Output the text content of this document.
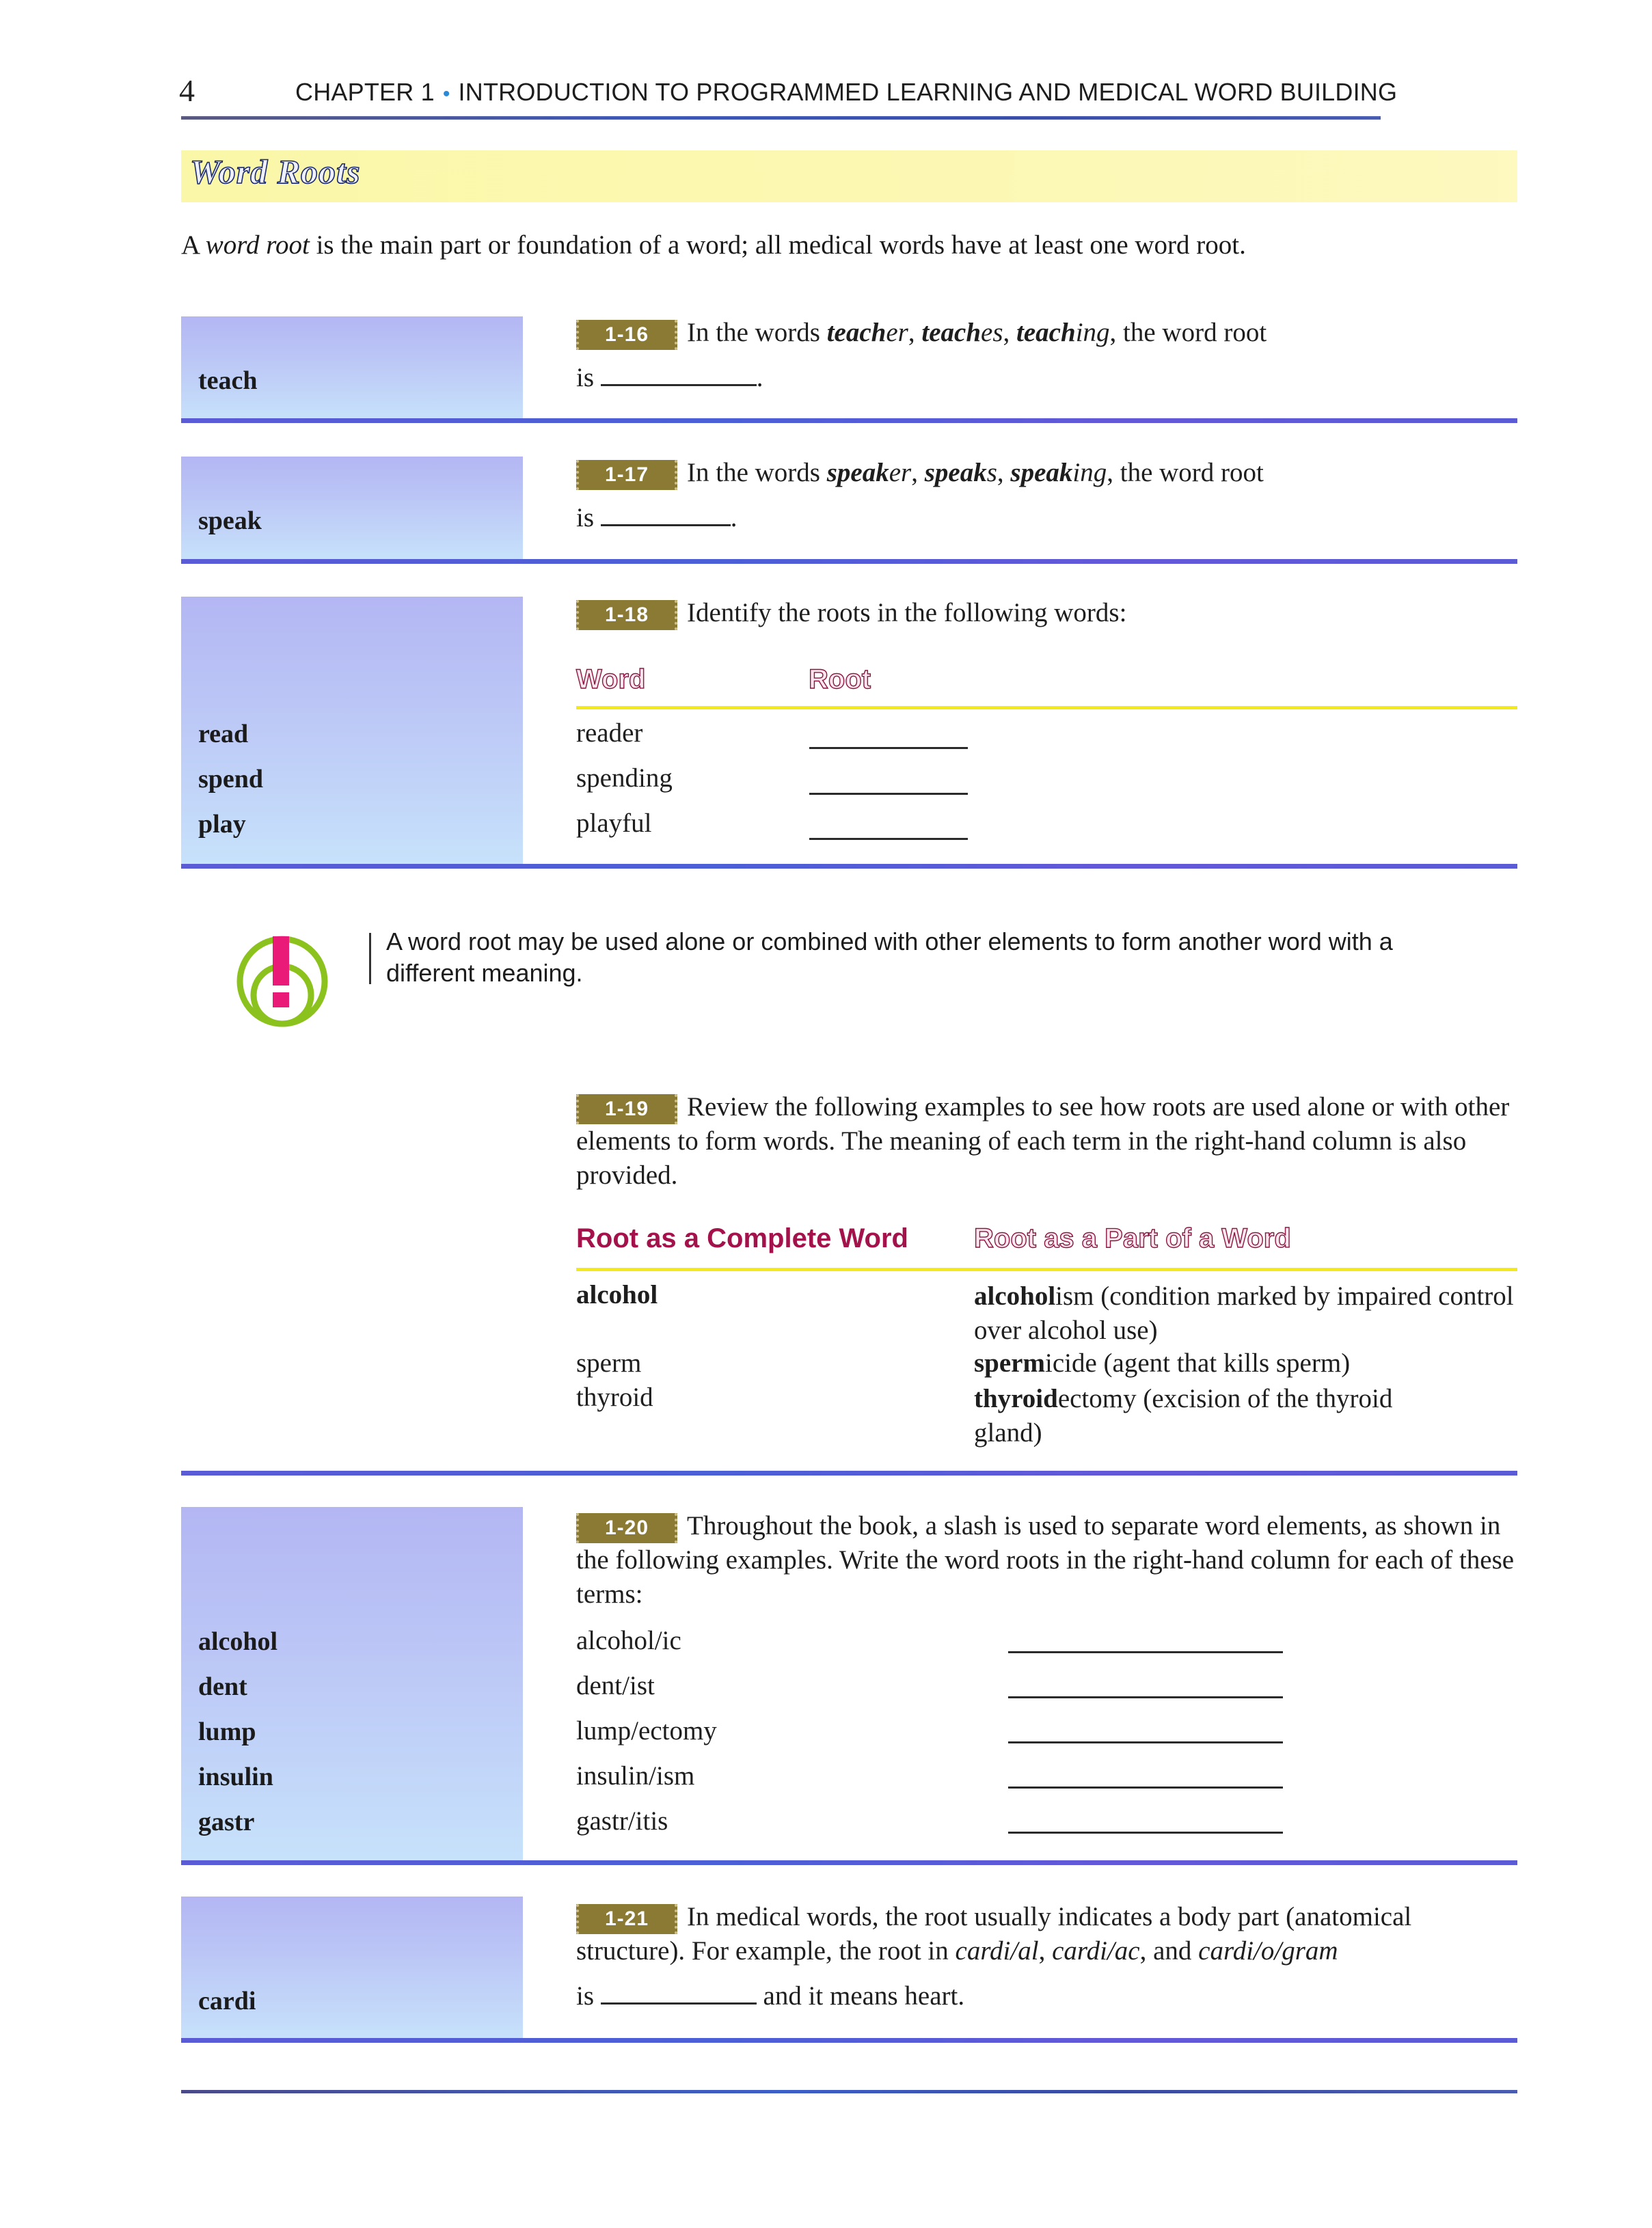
4	CHAPTER 1 • INTRODUCTION TO PROGRAMMED LEARNING AND MEDICAL WORD BUILDING
Word Roots
A word root is the main part or foundation of a word; all medical words have at least one word root.
teach
1-16 In the words teacher, teaches, teaching, the word root
is	.
speak
1-17 In the words speaker, speaks, speaking, the word root
is	.
read
spend
play
1-18 Identify the roots in the following words:
Word	Root
reader
spending
playful
A word root may be used alone or combined with other elements to form another word with a different meaning.
1-19 Review the following examples to see how roots are used alone or with other elements to form words. The meaning of each term in the right-hand column is also provided.
Root as a Complete Word Root as a Part of a Word
alcohol	alcoholism (condition marked by impaired control over alcohol use)
sperm	spermicide (agent that kills sperm)
thyroid	thyroidectomy (excision of the thyroid gland)
alcohol
dent
lump
insulin
gastr
1-20 Throughout the book, a slash is used to separate word elements, as shown in the following examples. Write the word roots in the right-hand column for each of these terms:
alcohol/ic
dent/ist
lump/ectomy
insulin/ism
gastr/itis
cardi
1-21 In medical words, the root usually indicates a body part (anatomical structure). For example, the root in cardi/al, cardi/ac, and cardi/o/gram
is	and it means heart.
